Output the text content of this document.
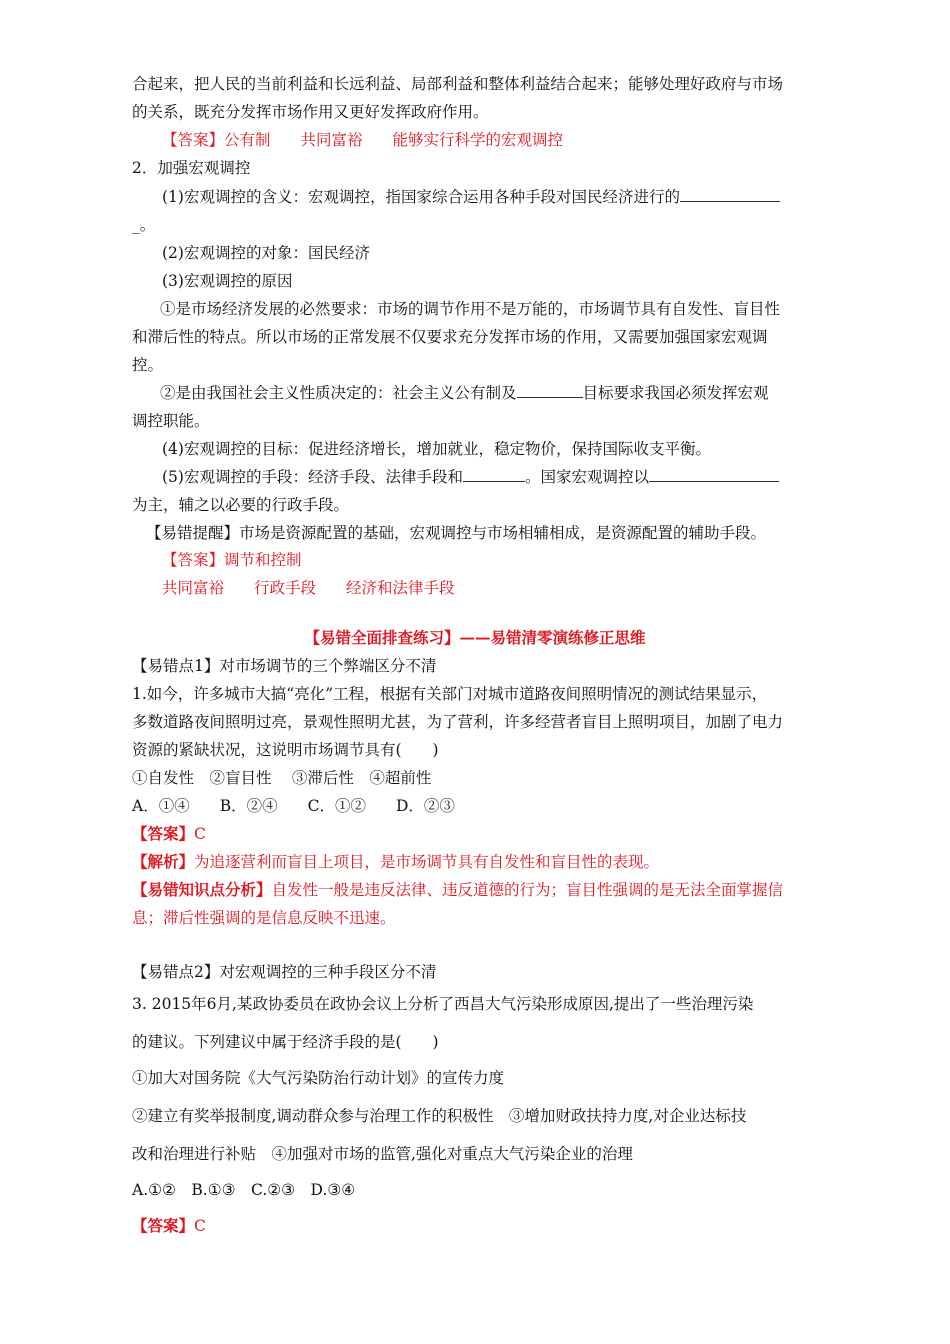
合起来，把人民的当前利益和长远利益、局部利益和整体利益结合起来；能够处理好政府与市场
的关系，既充分发挥市场作用又更好发挥政府作用。
【答案】公有制 共同富裕 能够实行科学的宏观调控
2．加强宏观调控
(1)宏观调控的含义：宏观调控，指国家综合运用各种手段对国民经济进行的
_。
(2)宏观调控的对象：国民经济
(3)宏观调控的原因
①是市场经济发展的必然要求：市场的调节作用不是万能的，市场调节具有自发性、盲目性
和滞后性的特点。所以市场的正常发展不仅要求充分发挥市场的作用，又需要加强国家宏观调
控。
②是由我国社会主义性质决定的：社会主义公有制及	目标要求我国必须发挥宏观
调控职能。
(4)宏观调控的目标：促进经济增长，增加就业，稳定物价，保持国际收支平衡。
(5)宏观调控的手段：经济手段、法律手段和	。国家宏观调控以
为主，辅之以必要的行政手段。
【易错提醒】市场是资源配置的基础，宏观调控与市场相辅相成，是资源配置的辅助手段。
【答案】调节和控制
共同富裕 行政手段 经济和法律手段
【易错全面排查练习】——易错清零演练修正思维
【易错点1】对市场调节的三个弊端区分不清
1.如今，许多城市大搞“亮化”工程，根据有关部门对城市道路夜间照明情况的测试结果显示，
多数道路夜间照明过亮，景观性照明尤甚，为了营利，许多经营者盲目上照明项目，加剧了电力
资源的紧缺状况，这说明市场调节具有(　　)
①自发性　②盲目性　 ③滞后性　④超前性
A．①④ B．②④ C．①② D．②③
【答案】C
【解析】为追逐营利而盲目上项目，是市场调节具有自发性和盲目性的表现。
【易错知识点分析】自发性一般是违反法律、违反道德的行为；盲目性强调的是无法全面掌握信
息；滞后性强调的是信息反映不迅速。
【易错点2】对宏观调控的三种手段区分不清
3. 2015年6月,某政协委员在政协会议上分析了西昌大气污染形成原因,提出了一些治理污染
的建议。下列建议中属于经济手段的是(　　)
①加大对国务院《大气污染防治行动计划》的宣传力度
②建立有奖举报制度,调动群众参与治理工作的积极性　③增加财政扶持力度,对企业达标技
改和治理进行补贴　④加强对市场的监管,强化对重点大气污染企业的治理
A.①②　B.①③　C.②③　D.③④
【答案】C
